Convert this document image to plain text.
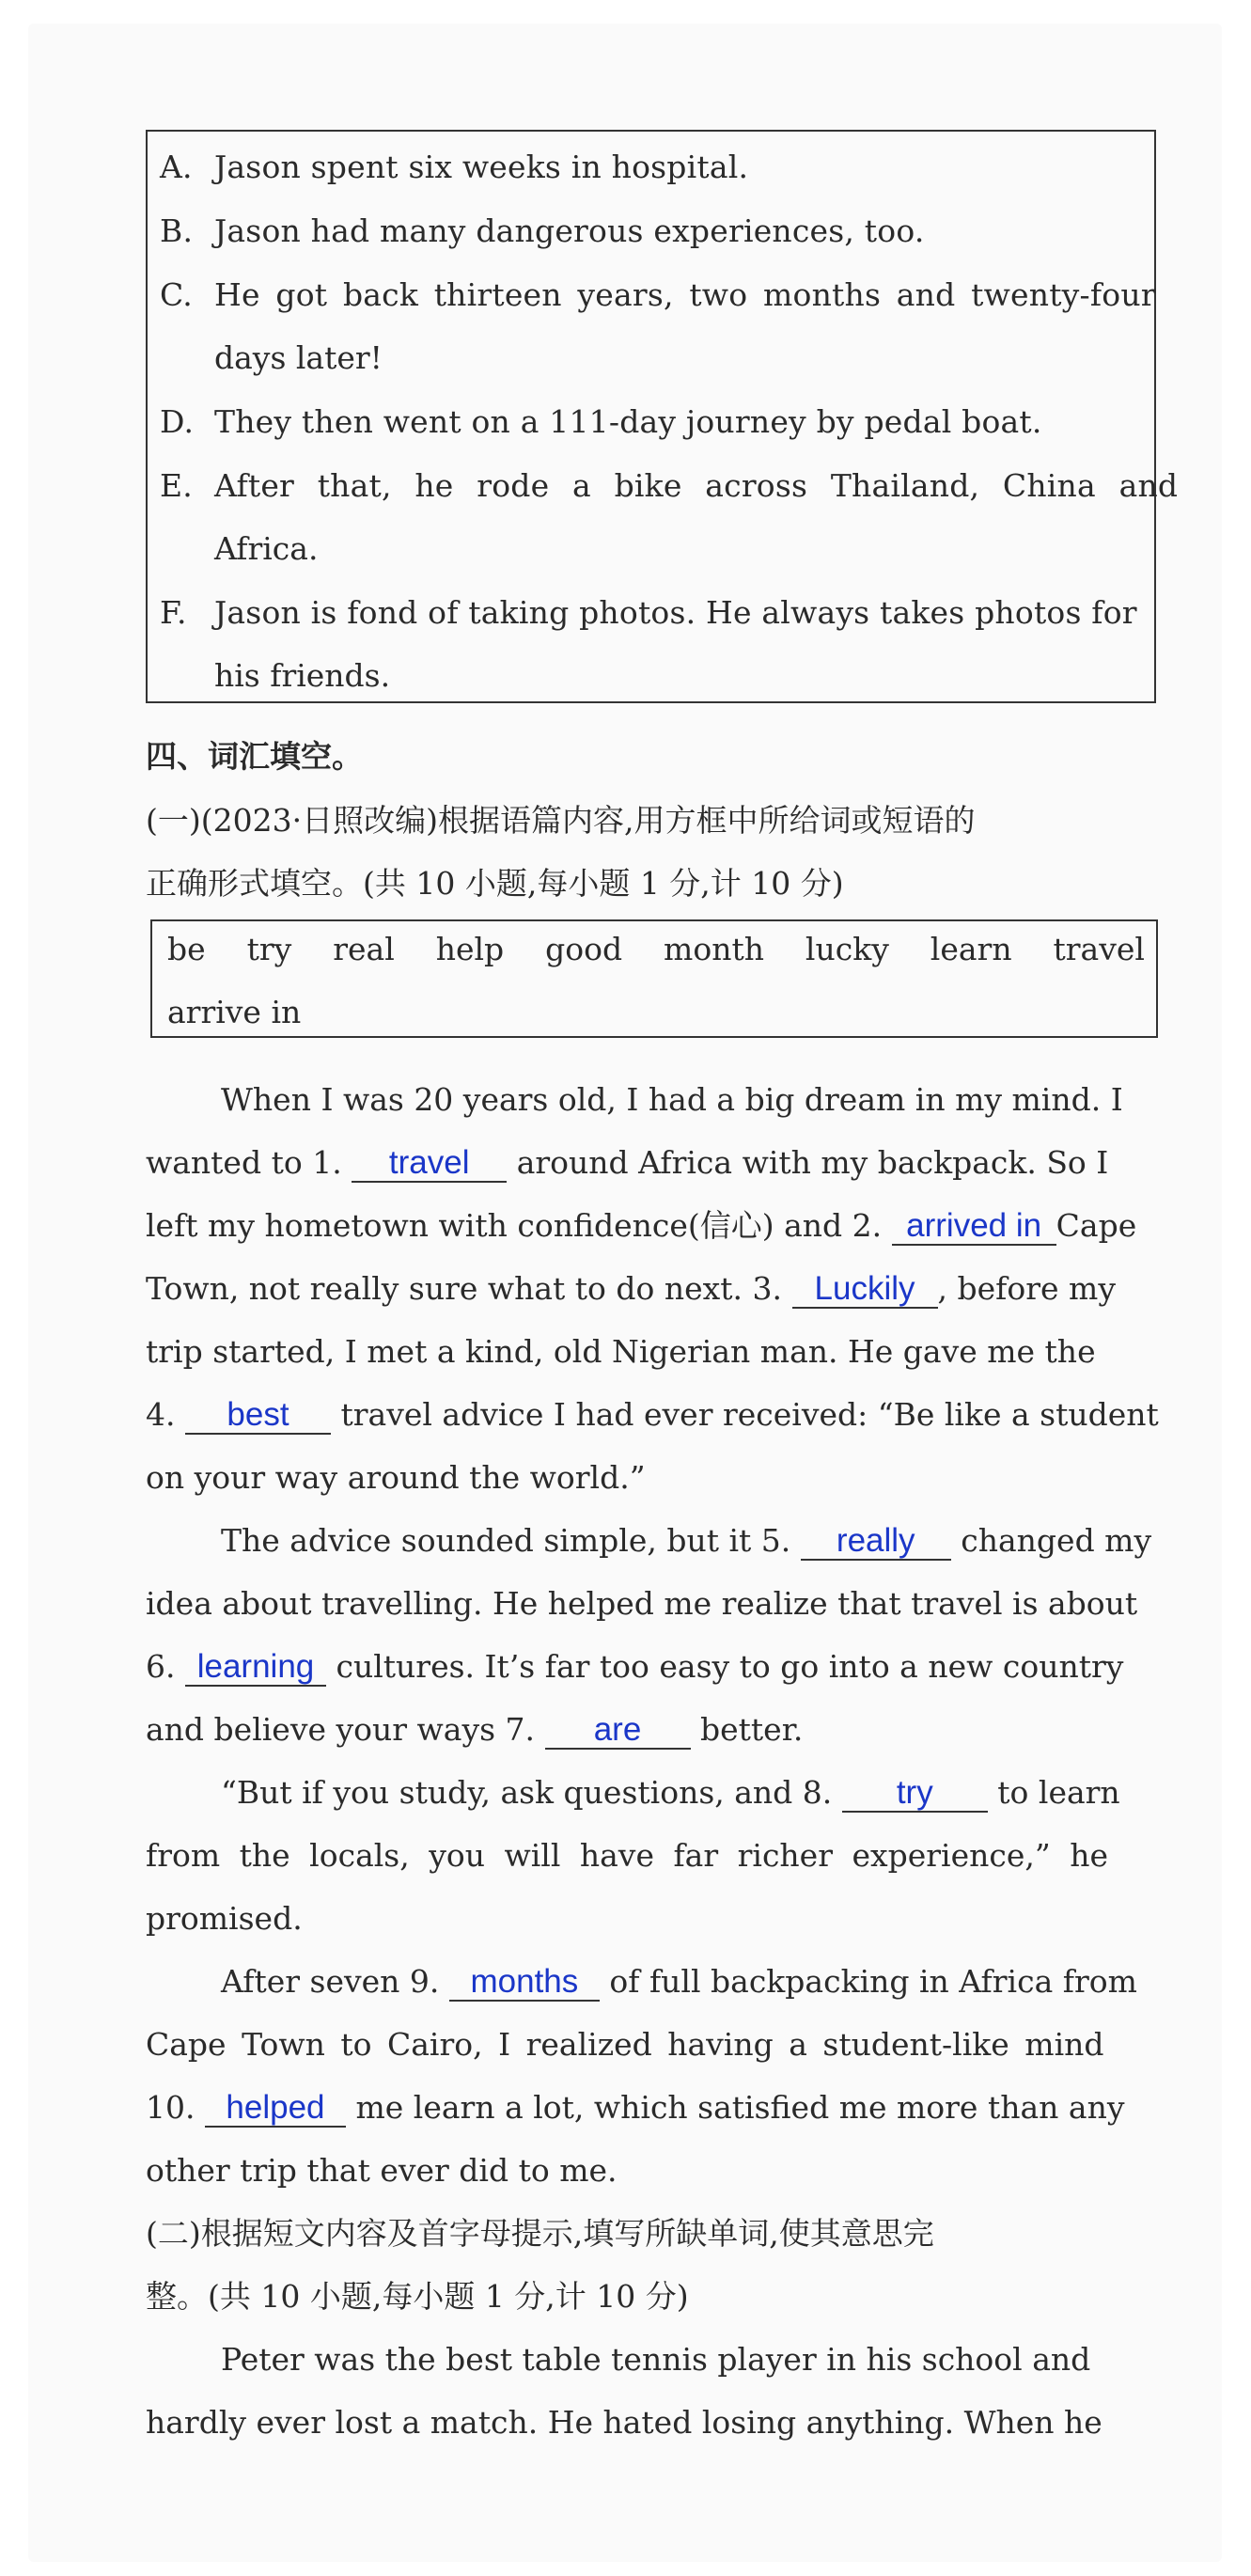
A. Jason spent six weeks in hospital.
B. Jason had many dangerous experiences, too.
C. He got back thirteen years, two months and twenty-four
days later!
D. They then went on a 111-day journey by pedal boat.
E. After that, he rode a bike across Thailand, China and
Africa.
F. Jason is fond of taking photos. He always takes photos for
his friends.
四、词汇填空。
(一)(2023·日照改编)根据语篇内容,用方框中所给词或短语的
正确形式填空。(共 10 小题,每小题 1 分,计 10 分)
be try real help good month lucky learn travel
arrive in
When I was 20 years old, I had a big dream in my mind. I
wanted to 1. travel around Africa with my backpack. So I
left my hometown with confidence(信心) and 2. arrived in Cape
Town, not really sure what to do next. 3. Luckily , before my
trip started, I met a kind, old Nigerian man. He gave me the
4. best travel advice I had ever received: “Be like a student
on your way around the world.”
The advice sounded simple, but it 5. really changed my
idea about travelling. He helped me realize that travel is about
6. learning cultures. It’s far too easy to go into a new country
and believe your ways 7. are better.
“But if you study, ask questions, and 8. try to learn
from the locals, you will have far richer experience,” he
promised.
After seven 9. months of full backpacking in Africa from
Cape Town to Cairo, I realized having a student-like mind
10. helped me learn a lot, which satisfied me more than any
other trip that ever did to me.
(二)根据短文内容及首字母提示,填写所缺单词,使其意思完
整。(共 10 小题,每小题 1 分,计 10 分)
Peter was the best table tennis player in his school and
hardly ever lost a match. He hated losing anything. When he
